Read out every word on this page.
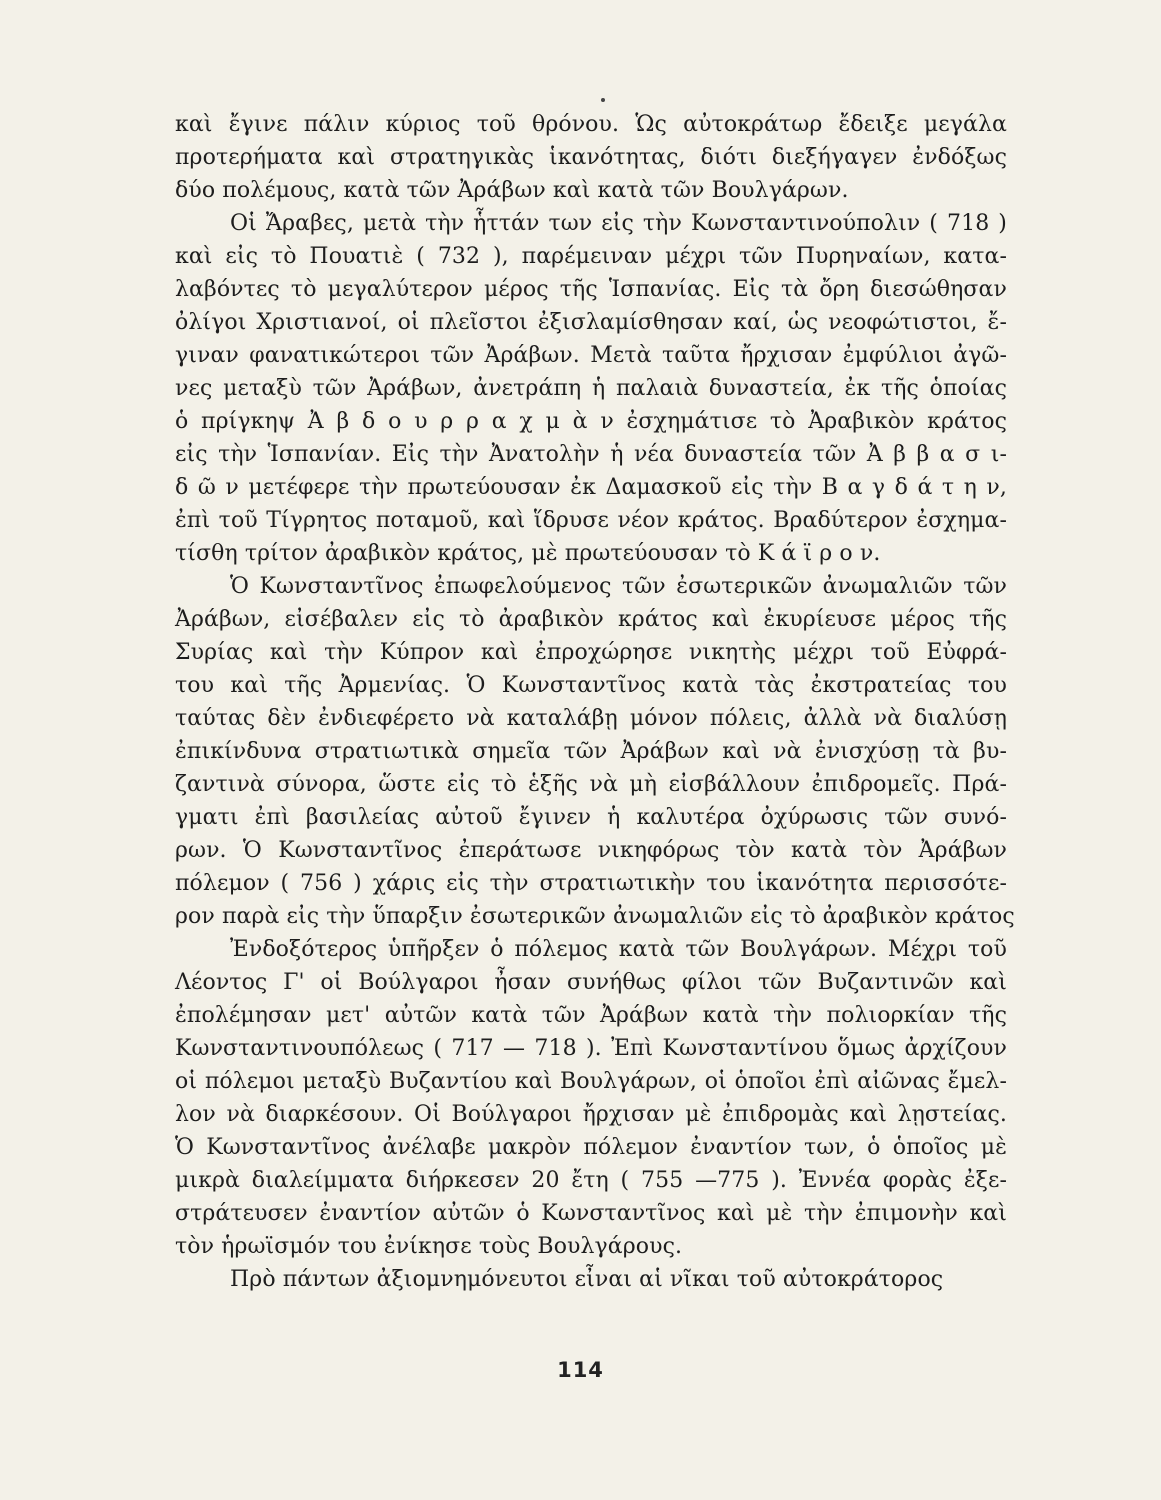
καὶ ἔγινε πάλιν κύριος τοῦ θρόνου. Ὡς αὐτοκράτωρ ἔδειξε μεγάλα
προτερήματα καὶ στρατηγικὰς ἱκανότητας, διότι διεξήγαγεν ἐνδόξως
δύο πολέμους, κατὰ τῶν Ἀράβων καὶ κατὰ τῶν Βουλγάρων.
Οἱ Ἄραβες, μετὰ τὴν ἧττάν των εἰς τὴν Κωνσταντινούπολιν ( 718 )
καὶ εἰς τὸ Πουατιὲ ( 732 ), παρέμειναν μέχρι τῶν Πυρηναίων, κατα-
λαβόντες τὸ μεγαλύτερον μέρος τῆς Ἱσπανίας. Εἰς τὰ ὄρη διεσώθησαν
ὀλίγοι Χριστιανοί, οἱ πλεῖστοι ἐξισλαμίσθησαν καί, ὡς νεοφώτιστοι, ἔ-
γιναν φανατικώτεροι τῶν Ἀράβων. Μετὰ ταῦτα ἤρχισαν ἐμφύλιοι ἀγῶ-
νες μεταξὺ τῶν Ἀράβων, ἀνετράπη ἡ παλαιὰ δυναστεία, ἐκ τῆς ὁποίας
ὁ πρίγκηψ Ἀ β δ ο υ ρ ρ α χ μ ὰ ν ἐσχημάτισε τὸ Ἀραβικὸν κράτος
εἰς τὴν Ἱσπανίαν. Εἰς τὴν Ἀνατολὴν ἡ νέα δυναστεία τῶν Ἀ β β α σ ι-
δ ῶ ν μετέφερε τὴν πρωτεύουσαν ἐκ Δαμασκοῦ εἰς τὴν Β α γ δ ά τ η ν,
ἐπὶ τοῦ Τίγρητος ποταμοῦ, καὶ ἵδρυσε νέον κράτος. Βραδύτερον ἐσχημα-
τίσθη τρίτον ἀραβικὸν κράτος, μὲ πρωτεύουσαν τὸ Κ ά ϊ ρ ο ν.
Ὁ Κωνσταντῖνος ἐπωφελούμενος τῶν ἐσωτερικῶν ἀνωμαλιῶν τῶν
Ἀράβων, εἰσέβαλεν εἰς τὸ ἀραβικὸν κράτος καὶ ἐκυρίευσε μέρος τῆς
Συρίας καὶ τὴν Κύπρον καὶ ἐπροχώρησε νικητὴς μέχρι τοῦ Εὐφρά-
του καὶ τῆς Ἀρμενίας. Ὁ Κωνσταντῖνος κατὰ τὰς ἐκστρατείας του
ταύτας δὲν ἐνδιεφέρετο νὰ καταλάβῃ μόνον πόλεις, ἀλλὰ νὰ διαλύσῃ
ἐπικίνδυνα στρατιωτικὰ σημεῖα τῶν Ἀράβων καὶ νὰ ἐνισχύσῃ τὰ βυ-
ζαντινὰ σύνορα, ὥστε εἰς τὸ ἑξῆς νὰ μὴ εἰσβάλλουν ἐπιδρομεῖς. Πρά-
γματι ἐπὶ βασιλείας αὐτοῦ ἔγινεν ἡ καλυτέρα ὀχύρωσις τῶν συνό-
ρων. Ὁ Κωνσταντῖνος ἐπεράτωσε νικηφόρως τὸν κατὰ τὸν Ἀράβων
πόλεμον ( 756 ) χάρις εἰς τὴν στρατιωτικὴν του ἱκανότητα περισσότε-
ρον παρὰ εἰς τὴν ὕπαρξιν ἐσωτερικῶν ἀνωμαλιῶν εἰς τὸ ἀραβικὸν κράτος
Ἐνδοξότερος ὑπῆρξεν ὁ πόλεμος κατὰ τῶν Βουλγάρων. Μέχρι τοῦ
Λέοντος Γ' οἱ Βούλγαροι ἦσαν συνήθως φίλοι τῶν Βυζαντινῶν καὶ
ἐπολέμησαν μετ' αὐτῶν κατὰ τῶν Ἀράβων κατὰ τὴν πολιορκίαν τῆς
Κωνσταντινουπόλεως ( 717 — 718 ). Ἐπὶ Κωνσταντίνου ὅμως ἀρχίζουν
οἱ πόλεμοι μεταξὺ Βυζαντίου καὶ Βουλγάρων, οἱ ὁποῖοι ἐπὶ αἰῶνας ἔμελ-
λον νὰ διαρκέσουν. Οἱ Βούλγαροι ἤρχισαν μὲ ἐπιδρομὰς καὶ λῃστείας.
Ὁ Κωνσταντῖνος ἀνέλαβε μακρὸν πόλεμον ἐναντίον των, ὁ ὁποῖος μὲ
μικρὰ διαλείμματα διήρκεσεν 20 ἔτη ( 755 —775 ). Ἐννέα φορὰς ἐξε-
στράτευσεν ἐναντίον αὐτῶν ὁ Κωνσταντῖνος καὶ μὲ τὴν ἐπιμονὴν καὶ
τὸν ἡρωϊσμόν του ἐνίκησε τοὺς Βουλγάρους.
Πρὸ πάντων ἀξιομνημόνευτοι εἶναι αἱ νῖκαι τοῦ αὐτοκράτορος
114
